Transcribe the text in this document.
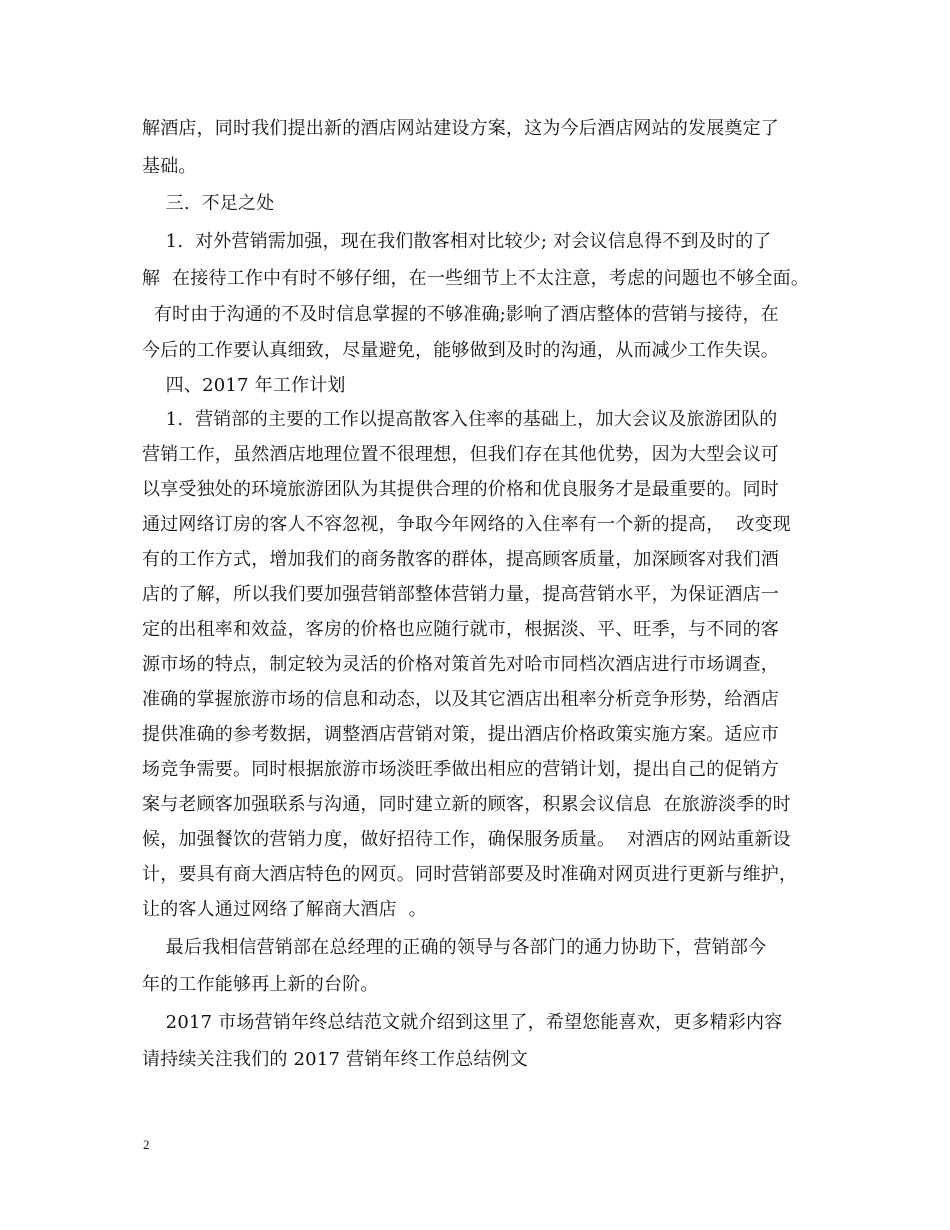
解酒店，同时我们提出新的酒店网站建设方案，这为今后酒店网站的发展奠定了
基础。
三.  不足之处
1.  对外营销需加强，现在我们散客相对比较少; 对会议信息得不到及时的了
解  在接待工作中有时不够仔细，在一些细节上不太注意，考虑的问题也不够全面。
有时由于沟通的不及时信息掌握的不够准确;影响了酒店整体的营销与接待，在
今后的工作要认真细致，尽量避免，能够做到及时的沟通，从而减少工作失误。
四、2017 年工作计划
1.  营销部的主要的工作以提高散客入住率的基础上，加大会议及旅游团队的
营销工作，虽然酒店地理位置不很理想，但我们存在其他优势，因为大型会议可
以享受独处的环境旅游团队为其提供合理的价格和优良服务才是最重要的。同时
通过网络订房的客人不容忽视，争取今年网络的入住率有一个新的提高，  改变现
有的工作方式，增加我们的商务散客的群体，提高顾客质量，加深顾客对我们酒
店的了解，所以我们要加强营销部整体营销力量，提高营销水平，为保证酒店一
定的出租率和效益，客房的价格也应随行就市，根据淡、平、旺季，与不同的客
源市场的特点，制定较为灵活的价格对策首先对哈市同档次酒店进行市场调查，
准确的掌握旅游市场的信息和动态，以及其它酒店出租率分析竞争形势，给酒店
提供准确的参考数据，调整酒店营销对策，提出酒店价格政策实施方案。适应市
场竞争需要。同时根据旅游市场淡旺季做出相应的营销计划，提出自己的促销方
案与老顾客加强联系与沟通，同时建立新的顾客，积累会议信息  在旅游淡季的时
候，加强餐饮的营销力度，做好招待工作，确保服务质量。  对酒店的网站重新设
计，要具有商大酒店特色的网页。同时营销部要及时准确对网页进行更新与维护，
让的客人通过网络了解商大酒店  。
最后我相信营销部在总经理的正确的领导与各部门的通力协助下，营销部今
年的工作能够再上新的台阶。
2017 市场营销年终总结范文就介绍到这里了，希望您能喜欢，更多精彩内容
请持续关注我们的 2017 营销年终工作总结例文
2
